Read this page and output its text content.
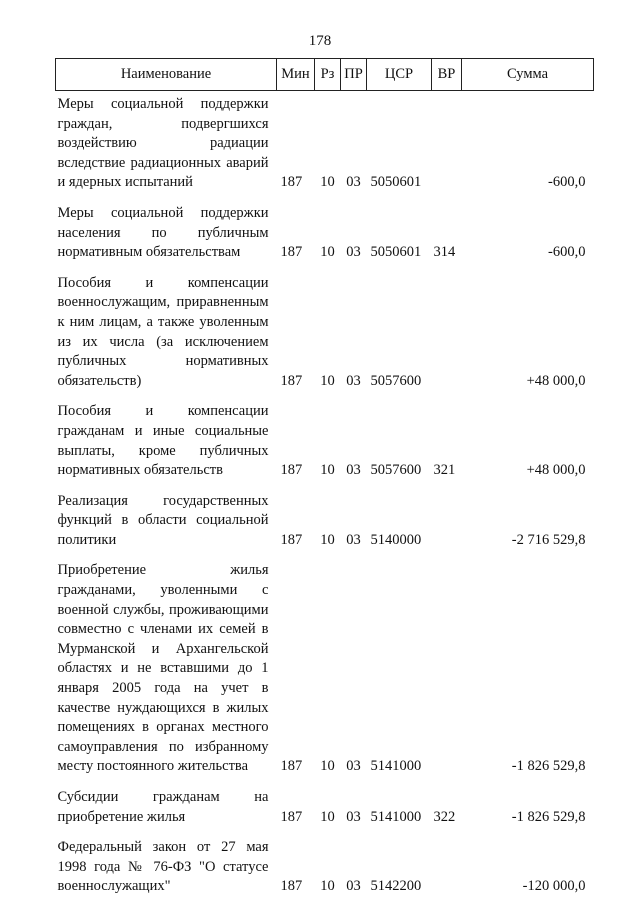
178
Наименование	Мин	Рз	ПР	ЦСР	ВР	Сумма
Меры социальной поддержки граждан, подвергшихся воздействию радиации вследствие радиационных аварий и ядерных испытаний	187	10	03	5050601		-600,0
Меры социальной поддержки населения по публичным нормативным обязательствам	187	10	03	5050601	314	-600,0
Пособия и компенсации военнослужащим, приравненным к ним лицам, а также уволенным из их числа (за исключением публичных нормативных обязательств)	187	10	03	5057600		+48 000,0
Пособия и компенсации гражданам и иные социальные выплаты, кроме публичных нормативных обязательств	187	10	03	5057600	321	+48 000,0
Реализация государственных функций в области социальной политики	187	10	03	5140000		-2 716 529,8
Приобретение жилья гражданами, уволенными с военной службы, проживающими совместно с членами их семей в Мурманской и Архангельской областях и не вставшими до 1 января 2005 года на учет в качестве нуждающихся в жилых помещениях в органах местного самоуправления по избранному месту постоянного жительства	187	10	03	5141000		-1 826 529,8
Субсидии гражданам на приобретение жилья	187	10	03	5141000	322	-1 826 529,8
Федеральный закон от 27 мая 1998 года № 76-ФЗ "О статусе военнослужащих"	187	10	03	5142200		-120 000,0
